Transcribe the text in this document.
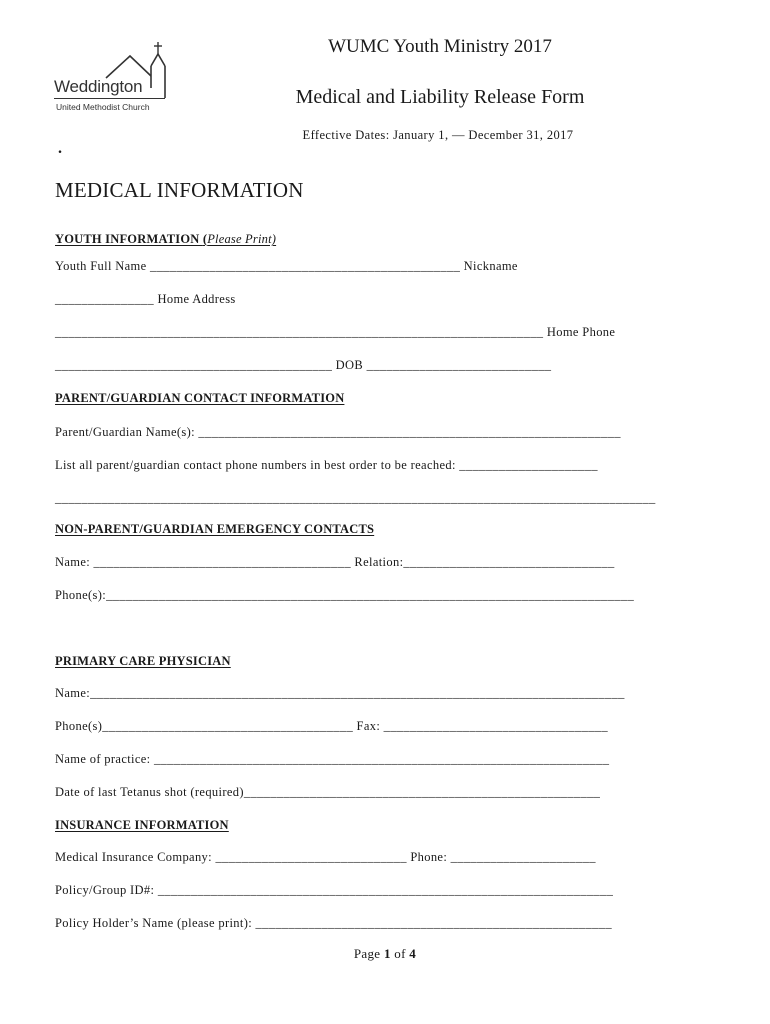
Weddington
United Methodist Church
WUMC Youth Ministry 2017
Medical and Liability Release Form
Effective Dates: January 1, — December 31, 2017
.
MEDICAL INFORMATION
YOUTH INFORMATION (Please Print)
Youth Full Name _______________________________________________ Nickname
_______________ Home Address
__________________________________________________________________________ Home Phone
__________________________________________ DOB ____________________________
PARENT/GUARDIAN CONTACT INFORMATION
Parent/Guardian Name(s): ________________________________________________________________
List all parent/guardian contact phone numbers in best order to be reached: _____________________
___________________________________________________________________________________________
NON-PARENT/GUARDIAN EMERGENCY CONTACTS
Name: _______________________________________ Relation:________________________________
Phone(s):________________________________________________________________________________
PRIMARY CARE PHYSICIAN
Name:_________________________________________________________________________________
Phone(s)______________________________________ Fax: __________________________________
Name of practice: _____________________________________________________________________
Date of last Tetanus shot (required)______________________________________________________
INSURANCE INFORMATION
Medical Insurance Company: _____________________________ Phone: ______________________
Policy/Group ID#: _____________________________________________________________________
Policy Holder’s Name (please print): ______________________________________________________
Page 1 of 4
